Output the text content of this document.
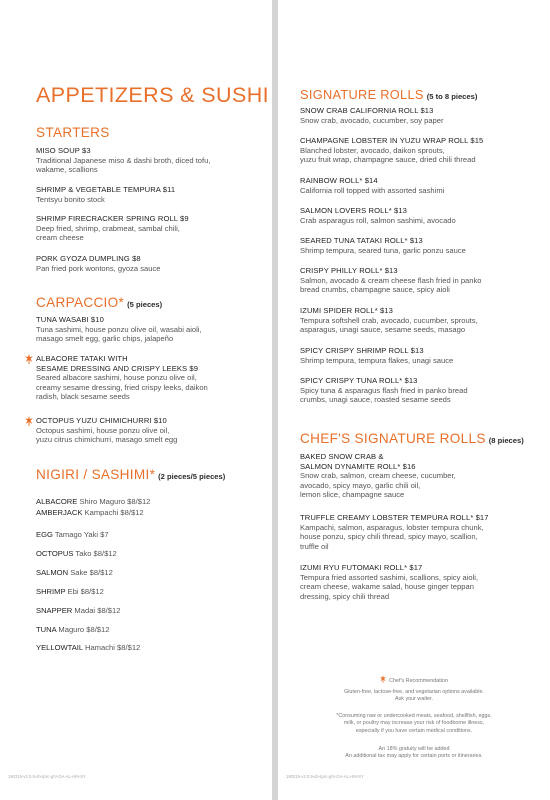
APPETIZERS & SUSHI
STARTERS
MISO SOUP $3
Traditional Japanese miso & dashi broth, diced tofu,
wakame, scallions
SHRIMP & VEGETABLE TEMPURA $11
Tentsyu bonito stock
SHRIMP FIRECRACKER SPRING ROLL $9
Deep fried, shrimp, crabmeat, sambal chili,
cream cheese
PORK GYOZA DUMPLING $8
Pan fried pork wontons, gyoza sauce
CARPACCIO* (5 pieces)
TUNA WASABI $10
Tuna sashimi, house ponzu olive oil, wasabi aioli,
masago smelt egg, garlic chips, jalapeño
ALBACORE TATAKI WITH
SESAME DRESSING AND CRISPY LEEKS $9
Seared albacore sashimi, house ponzu olive oil,
creamy sesame dressing, fried crispy leeks, daikon
radish, black sesame seeds
OCTOPUS YUZU CHIMICHURRI $10
Octopus sashimi, house ponzu olive oil,
yuzu citrus chimichurri, masago smelt egg
NIGIRI / SASHIMI* (2 pieces/5 pieces)
ALBACORE Shiro Maguro $8/$12
AMBERJACK Kampachi $8/$12
EGG Tamago Yaki $7
OCTOPUS Tako $8/$12
SALMON Sake $8/$12
SHRIMP Ebi $8/$12
SNAPPER Madai $8/$12
TUNA Maguro $8/$12
YELLOWTAIL Hamachi $8/$12
190315-v2.0.9-dn-tprc-grV-OA-AL-HM-SY
SIGNATURE ROLLS (5 to 8 pieces)
SNOW CRAB CALIFORNIA ROLL $13
Snow crab, avocado, cucumber, soy paper
CHAMPAGNE LOBSTER IN YUZU WRAP ROLL $15
Blanched lobster, avocado, daikon sprouts,
yuzu fruit wrap, champagne sauce, dried chili thread
RAINBOW ROLL* $14
California roll topped with assorted sashimi
SALMON LOVERS ROLL* $13
Crab asparagus roll, salmon sashimi, avocado
SEARED TUNA TATAKI ROLL* $13
Shrimp tempura, seared tuna, garlic ponzu sauce
CRISPY PHILLY ROLL* $13
Salmon, avocado & cream cheese flash fried in panko
bread crumbs, champagne sauce, spicy aioli
IZUMI SPIDER ROLL* $13
Tempura softshell crab, avocado, cucumber, sprouts,
asparagus, unagi sauce, sesame seeds, masago
SPICY CRISPY SHRIMP ROLL $13
Shrimp tempura, tempura flakes, unagi sauce
SPICY CRISPY TUNA ROLL* $13
Spicy tuna & asparagus flash fried in panko bread
crumbs, unagi sauce, roasted sesame seeds
CHEF'S SIGNATURE ROLLS (8 pieces)
BAKED SNOW CRAB &
SALMON DYNAMITE ROLL* $16
Snow crab, salmon, cream cheese, cucumber,
avocado, spicy mayo, garlic chili oil,
lemon slice, champagne sauce
TRUFFLE CREAMY LOBSTER TEMPURA ROLL* $17
Kampachi, salmon, asparagus, lobster tempura chunk,
house ponzu, spicy chili thread, spicy mayo, scallion,
truffle oil
IZUMI RYU FUTOMAKI ROLL* $17
Tempura fried assorted sashimi, scallions, spicy aioli,
cream cheese, wakame salad, house ginger teppan
dressing, spicy chili thread
Chef's Recommendation
Gluten-free, lactose-free, and vegetarian options available.
Ask your waiter.
*Consuming raw or undercooked meats, seafood, shellfish, eggs,
milk, or poultry may increase your risk of foodborne illness,
especially if you have certain medical conditions.
An 18% gratuity will be added
An additional tax may apply for certain ports or itineraries.
190315-v2.0.9-dn-tprc-grV-OA-AL-HM-SY
